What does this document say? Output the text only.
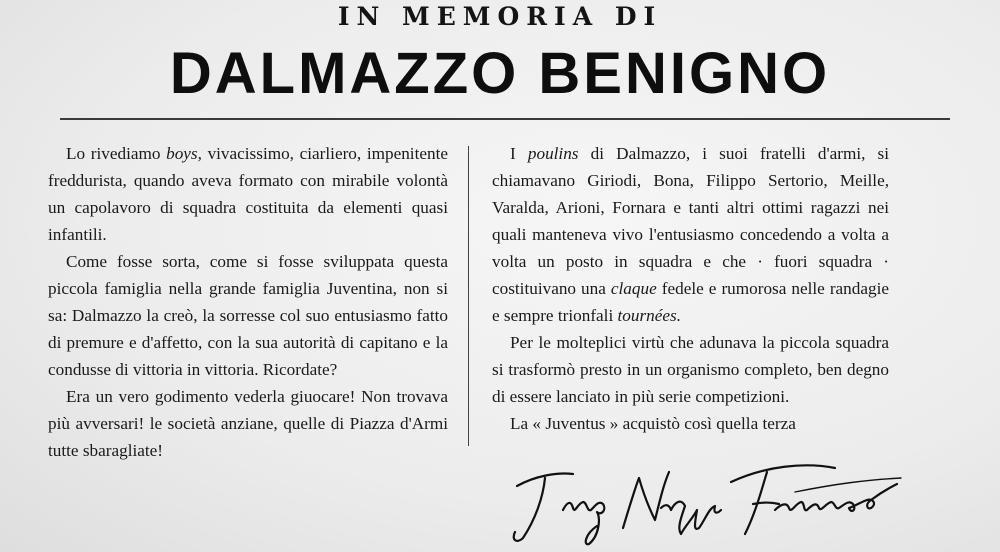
IN MEMORIA DI
DALMAZZO BENIGNO

Lo rivediamo boys, vivacissimo, ciarliero, impenitente freddurista, quando aveva formato con mirabile volontà un capolavoro di squadra costituita da elementi quasi infantili.

Come fosse sorta, come si fosse sviluppata questa piccola famiglia nella grande famiglia Juventina, non si sa: Dalmazzo la creò, la sorresse col suo entusiasmo fatto di premure e d'affetto, con la sua autorità di capitano e la condusse di vittoria in vittoria. Ricordate?

Era un vero godimento vederla giuocare! Non trovava più avversari! le società anziane, quelle di Piazza d'Armi tutte sbaragliate!

I poulins di Dalmazzo, i suoi fratelli d'armi, si chiamavano Giriodi, Bona, Filippo Sertorio, Meille, Varalda, Arioni, Fornara e tanti altri ottimi ragazzi nei quali manteneva vivo l'entusiasmo concedendo a volta a volta un posto in squadra e che · fuori squadra · costituivano una claque fedele e rumorosa nelle randagie e sempre trionfali tournées.

Per le molteplici virtù che adunava la piccola squadra si trasformò presto in un organismo completo, ben degno di essere lanciato in più serie competizioni.

La « Juventus » acquistò così quella terza
